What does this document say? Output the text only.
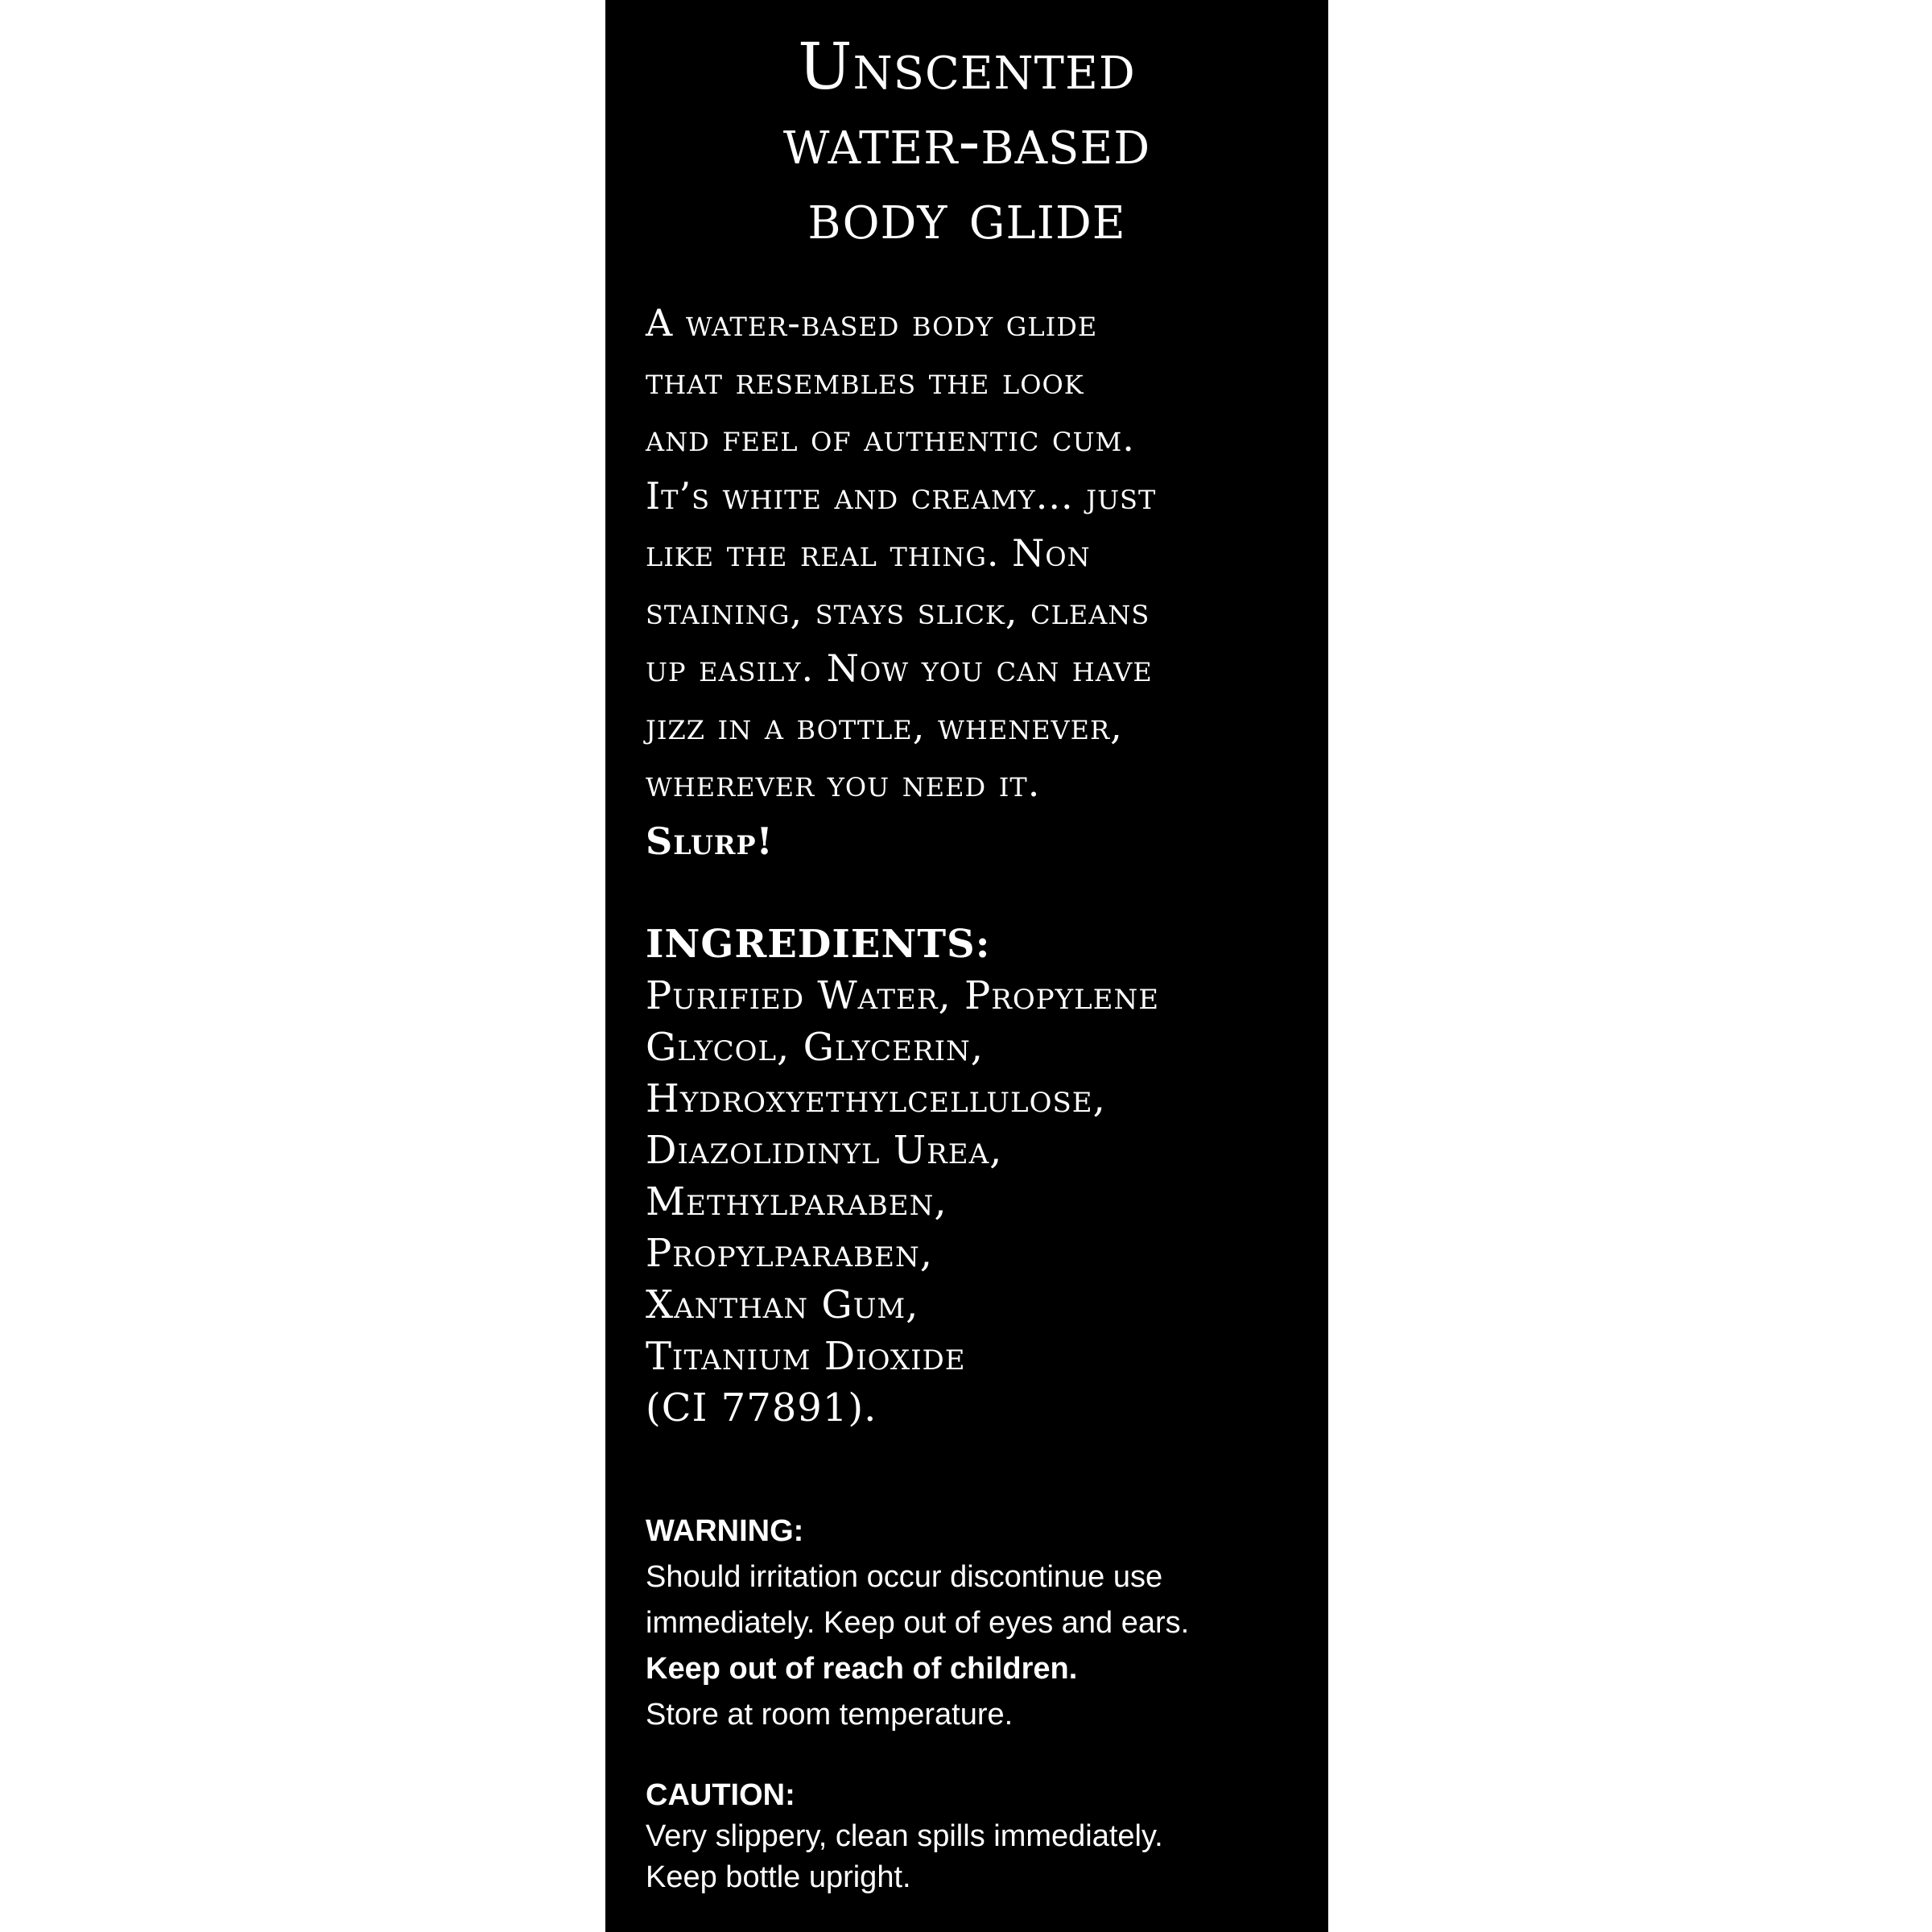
Unscented
water-based
body glide
A water-based body glide
that resembles the look
and feel of authentic cum.
It’s white and creamy... just
like the real thing. Non
staining, stays slick, cleans
up easily. Now you can have
jizz in a bottle, whenever,
wherever you need it.
Slurp!
INGREDIENTS:
Purified Water, Propylene
Glycol, Glycerin,
Hydroxyethylcellulose,
Diazolidinyl Urea,
Methylparaben,
Propylparaben,
Xanthan Gum,
Titanium Dioxide
(CI 77891).
WARNING:
Should irritation occur discontinue use
immediately. Keep out of eyes and ears.
Keep out of reach of children.
Store at room temperature.
CAUTION:
Very slippery, clean spills immediately.
Keep bottle upright.
